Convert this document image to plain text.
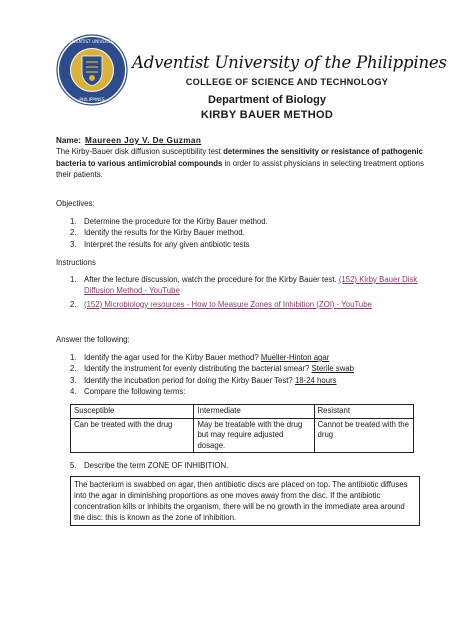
ADVENTIST UNIVERSITY
PHILIPPINES
Adventist University of the Philippines
COLLEGE OF SCIENCE AND TECHNOLOGY
Department of Biology
KIRBY BAUER METHOD
Name: Maureen Joy V. De Guzman
The Kirby-Bauer disk diffusion susceptibility test determines the sensitivity or resistance of pathogenic bacteria to various antimicrobial compounds in order to assist physicians in selecting treatment options their patients.
Objectives:
1. Determine the procedure for the Kirby Bauer method.
2. Identify the results for the Kirby Bauer method.
3. Interpret the results for any given antibiotic tests
Instructions
1. After the lecture discussion, watch the procedure for the Kirby Bauer test. (152) Kirby Bauer Disk Diffusion Method - YouTube
2. (152) Microbiology resources - How to Measure Zones of Inhibition (ZOI) - YouTube
Answer the following:
1. Identify the agar used for the Kirby Bauer method? Mueller-Hinton agar
2. Identify the instrument for evenly distributing the bacterial smear? Sterile swab
3. Identify the incubation period for doing the Kirby Bauer Test? 18-24 hours
4. Compare the following terms:
Susceptible	Intermediate	Resistant
Can be treated with the drug	May be treatable with the drug but may require adjusted dosage.	Cannot be treated with the drug
5. Describe the term ZONE OF INHIBITION.
The bacterium is swabbed on agar, then antibiotic discs are placed on top. The antibiotic diffuses into the agar in diminishing proportions as one moves away from the disc. If the antibiotic concentration kills or inhibits the organism, there will be no growth in the immediate area around the disc: this is known as the zone of inhibition.
